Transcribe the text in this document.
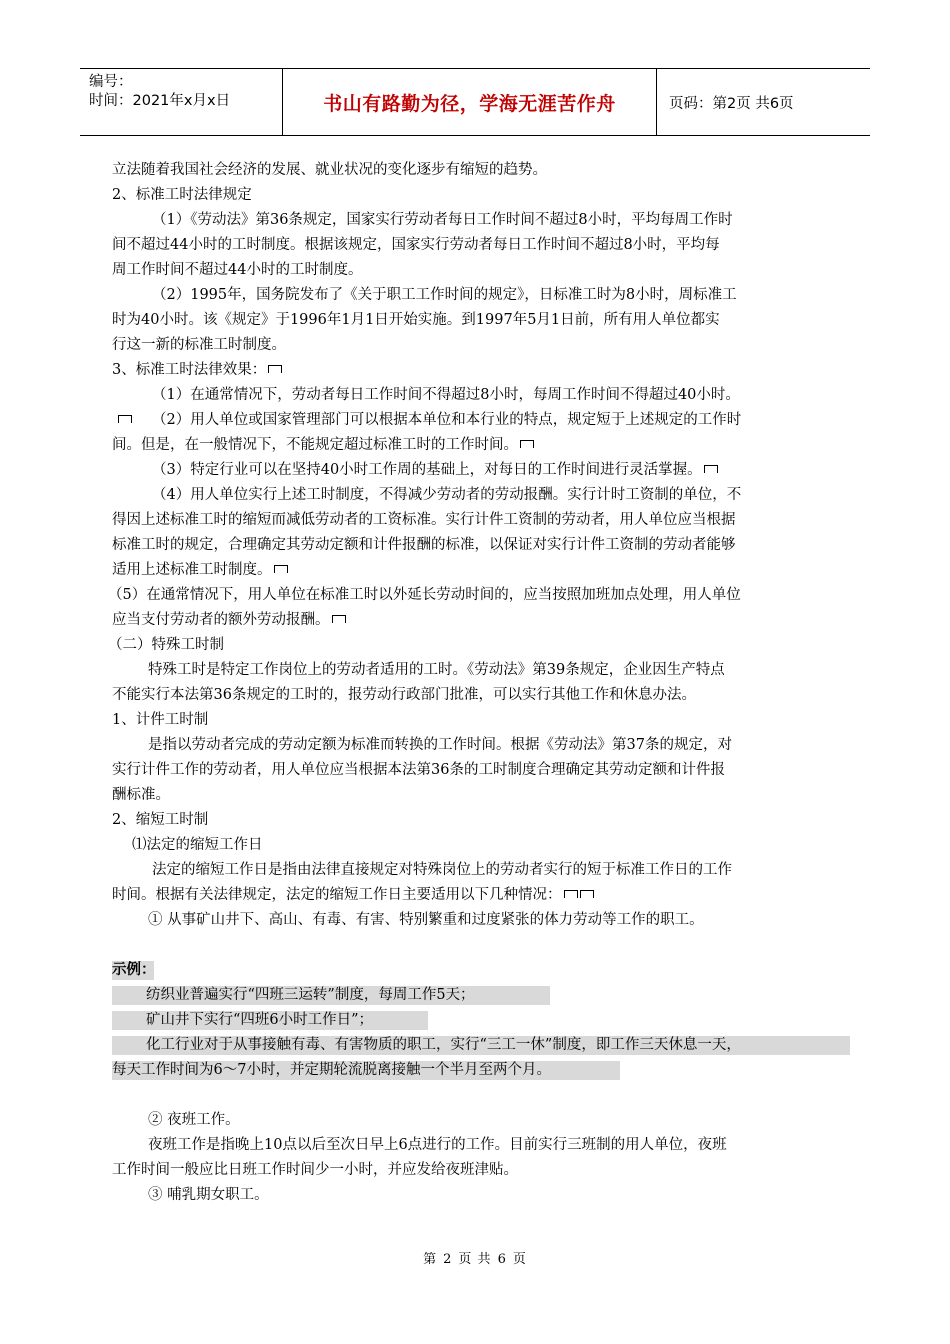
编号：
时间：2021年x月x日	书山有路勤为径，学海无涯苦作舟	页码：第2页 共6页
立法随着我国社会经济的发展、就业状况的变化逐步有缩短的趋势。
2、标准工时法律规定
（1）《劳动法》第36条规定，国家实行劳动者每日工作时间不超过8小时，平均每周工作时
间不超过44小时的工时制度。根据该规定，国家实行劳动者每日工作时间不超过8小时，平均每
周工作时间不超过44小时的工时制度。
（2）1995年，国务院发布了《关于职工工作时间的规定》，日标准工时为8小时，周标准工
时为40小时。该《规定》于1996年1月1日开始实施。到1997年5月1日前，所有用人单位都实
行这一新的标准工时制度。
3、标准工时法律效果：
（1）在通常情况下，劳动者每日工作时间不得超过8小时，每周工作时间不得超过40小时。
（2）用人单位或国家管理部门可以根据本单位和本行业的特点，规定短于上述规定的工作时
间。但是，在一般情况下，不能规定超过标准工时的工作时间。
（3）特定行业可以在坚持40小时工作周的基础上，对每日的工作时间进行灵活掌握。
（4）用人单位实行上述工时制度，不得减少劳动者的劳动报酬。实行计时工资制的单位，不
得因上述标准工时的缩短而减低劳动者的工资标准。实行计件工资制的劳动者，用人单位应当根据
标准工时的规定，合理确定其劳动定额和计件报酬的标准，以保证对实行计件工资制的劳动者能够
适用上述标准工时制度。
（5）在通常情况下，用人单位在标准工时以外延长劳动时间的，应当按照加班加点处理，用人单位
应当支付劳动者的额外劳动报酬。
（二）特殊工时制
特殊工时是特定工作岗位上的劳动者适用的工时。《劳动法》第39条规定，企业因生产特点
不能实行本法第36条规定的工时的，报劳动行政部门批准，可以实行其他工作和休息办法。
1、计件工时制
是指以劳动者完成的劳动定额为标准而转换的工作时间。根据《劳动法》第37条的规定，对
实行计件工作的劳动者，用人单位应当根据本法第36条的工时制度合理确定其劳动定额和计件报
酬标准。
2、缩短工时制
⑴法定的缩短工作日
法定的缩短工作日是指由法律直接规定对特殊岗位上的劳动者实行的短于标准工作日的工作
时间。根据有关法律规定，法定的缩短工作日主要适用以下几种情况：
① 从事矿山井下、高山、有毒、有害、特别繁重和过度紧张的体力劳动等工作的职工。
示例：
纺织业普遍实行“四班三运转”制度，每周工作5天；
矿山井下实行“四班6小时工作日”；
化工行业对于从事接触有毒、有害物质的职工，实行“三工一休”制度，即工作三天休息一天，
每天工作时间为6～7小时，并定期轮流脱离接触一个半月至两个月。
② 夜班工作。
夜班工作是指晚上10点以后至次日早上6点进行的工作。目前实行三班制的用人单位，夜班
工作时间一般应比日班工作时间少一小时，并应发给夜班津贴。
③ 哺乳期女职工。
第 2 页 共 6 页
